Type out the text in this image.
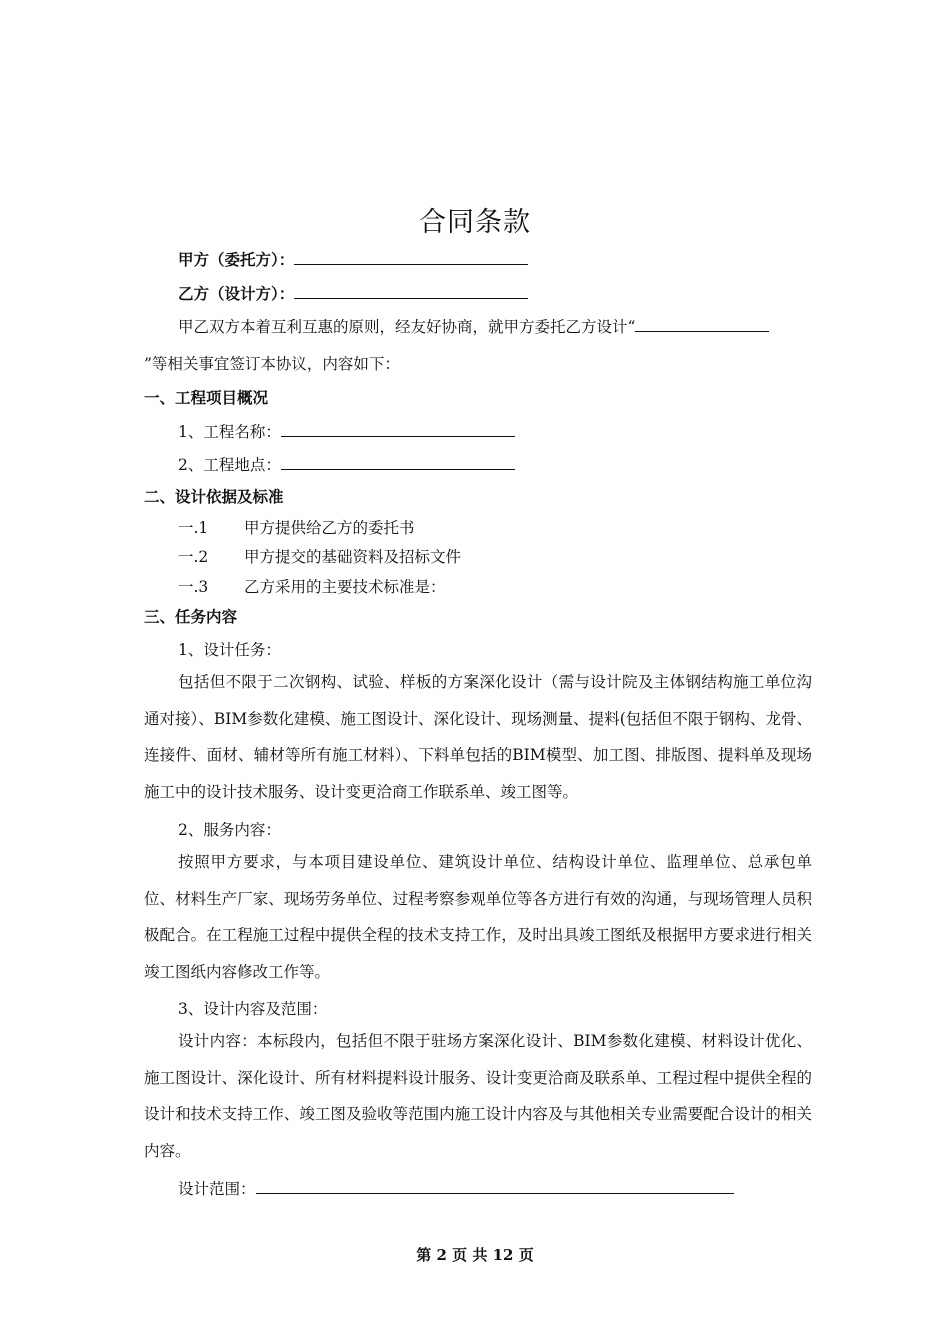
合同条款
甲方（委托方）：
乙方（设计方）：
甲乙双方本着互利互惠的原则，经友好协商，就甲方委托乙方设计“
”等相关事宜签订本协议，内容如下：
一、工程项目概况
1、工程名称：
2、工程地点：
二、设计依据及标准
一.1 甲方提供给乙方的委托书
一.2 甲方提交的基础资料及招标文件
一.3 乙方采用的主要技术标准是：
三、任务内容
1、设计任务：
包括但不限于二次钢构、试验、样板的方案深化设计（需与设计院及主体钢结构施工单位沟通对接）、BIM参数化建模、施工图设计、深化设计、现场测量、提料(包括但不限于钢构、龙骨、连接件、面材、辅材等所有施工材料）、下料单包括的BIM模型、加工图、排版图、提料单及现场施工中的设计技术服务、设计变更洽商工作联系单、竣工图等。
2、服务内容：
按照甲方要求，与本项目建设单位、建筑设计单位、结构设计单位、监理单位、总承包单位、材料生产厂家、现场劳务单位、过程考察参观单位等各方进行有效的沟通，与现场管理人员积极配合。在工程施工过程中提供全程的技术支持工作，及时出具竣工图纸及根据甲方要求进行相关竣工图纸内容修改工作等。
3、设计内容及范围：
设计内容：本标段内，包括但不限于驻场方案深化设计、BIM参数化建模、材料设计优化、施工图设计、深化设计、所有材料提料设计服务、设计变更洽商及联系单、工程过程中提供全程的设计和技术支持工作、竣工图及验收等范围内施工设计内容及与其他相关专业需要配合设计的相关内容。
设计范围：
第 2 页 共 12 页
